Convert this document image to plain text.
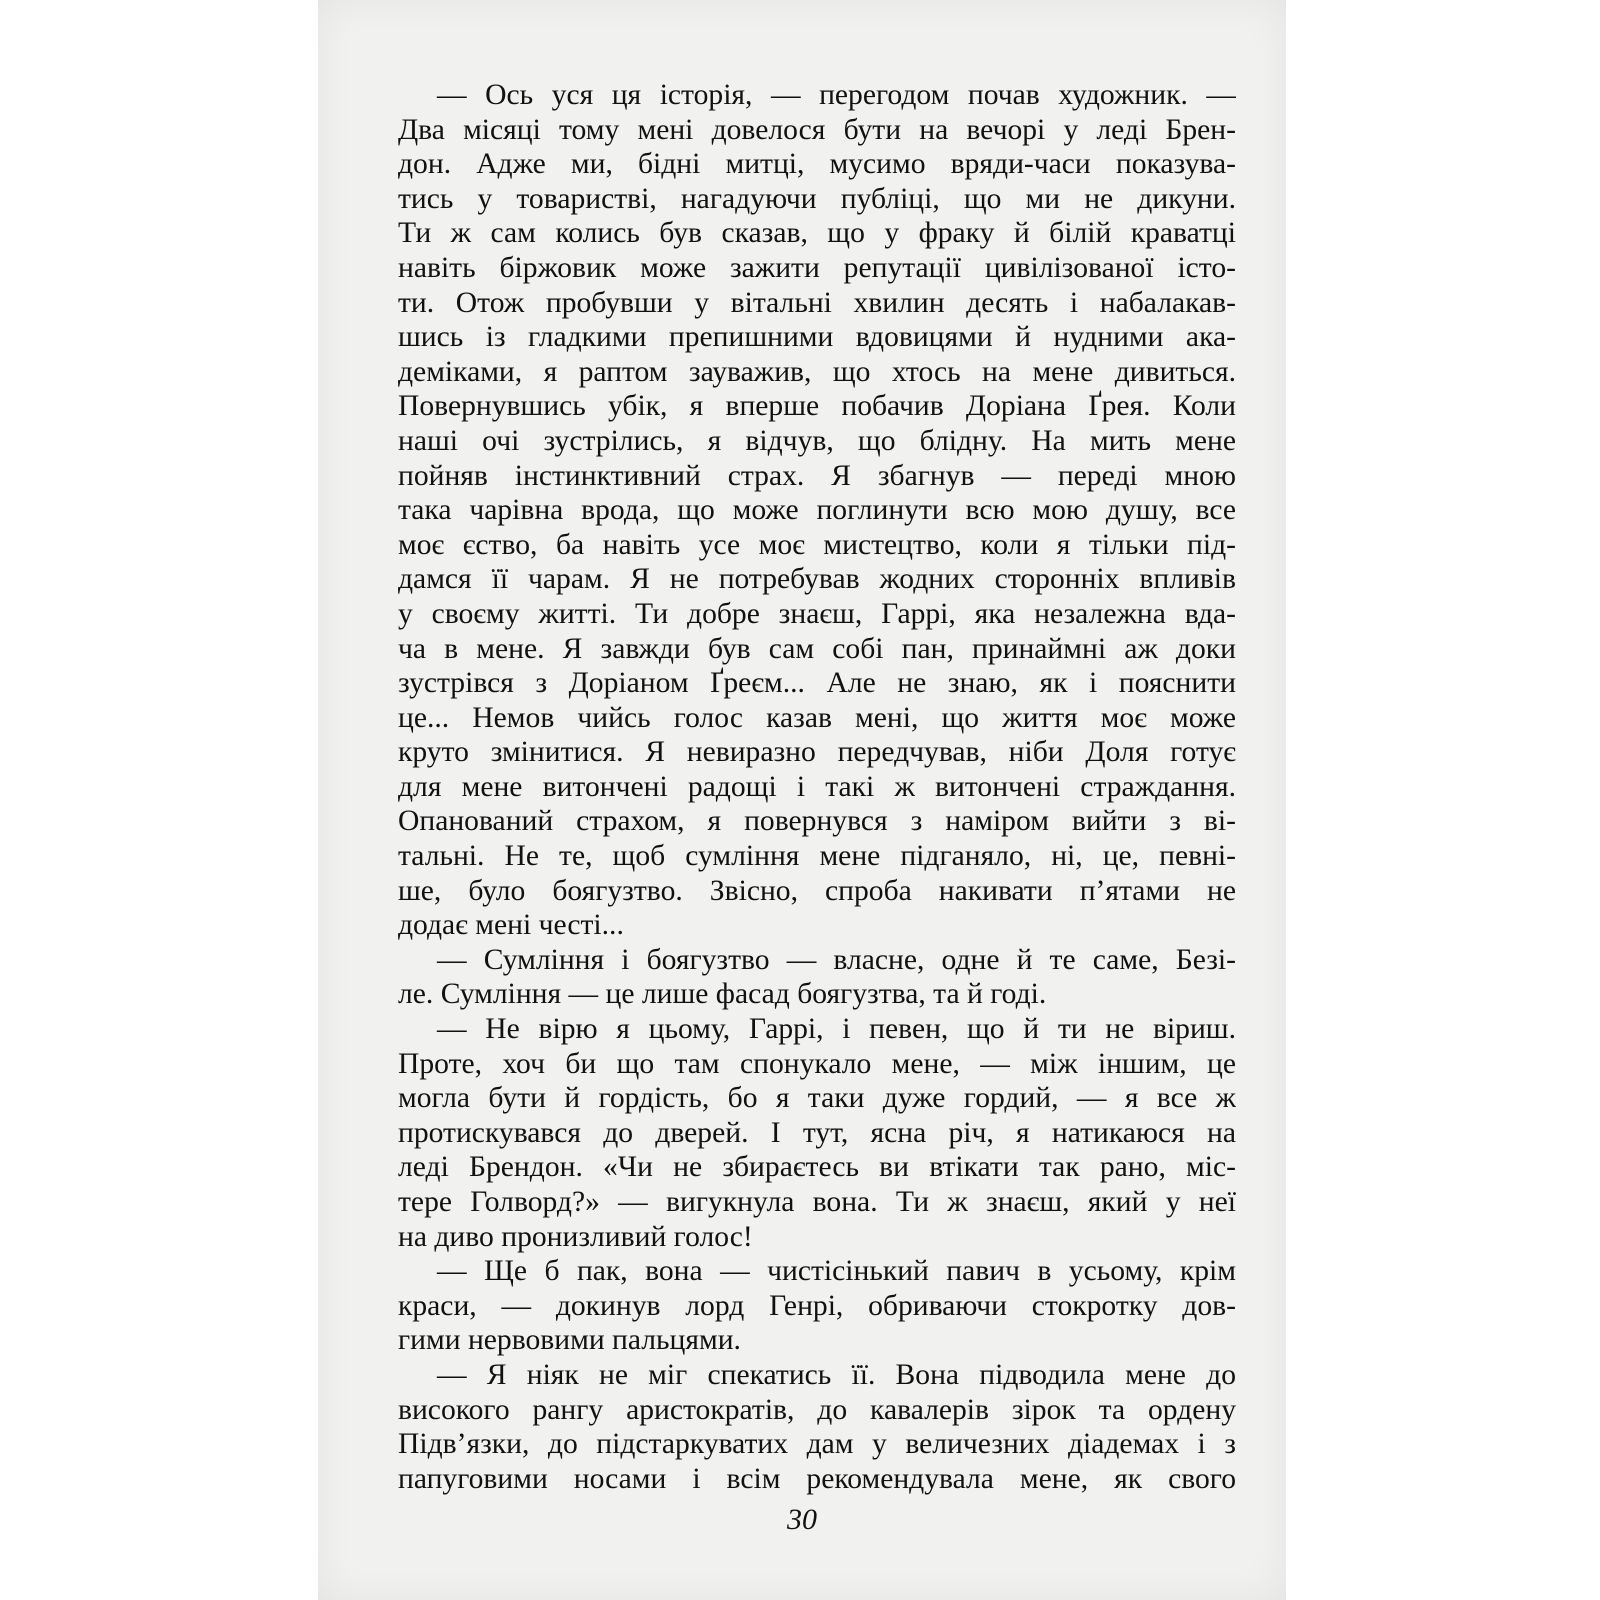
— Ось уся ця історія, — перегодом почав художник. —
Два місяці тому мені довелося бути на вечорі у леді Брен-
дон. Адже ми, бідні митці, мусимо вряди-часи показува-
тись у товаристві, нагадуючи публіці, що ми не дикуни.
Ти ж сам колись був сказав, що у фраку й білій краватці
навіть біржовик може зажити репутації цивілізованої істо-
ти. Отож пробувши у вітальні хвилин десять і набалакав-
шись із гладкими препишними вдовицями й нудними ака-
деміками, я раптом зауважив, що хтось на мене дивиться.
Повернувшись убік, я вперше побачив Доріана Ґрея. Коли
наші очі зустрілись, я відчув, що блідну. На мить мене
пойняв інстинктивний страх. Я збагнув — переді мною
така чарівна врода, що може поглинути всю мою душу, все
моє єство, ба навіть усе моє мистецтво, коли я тільки під-
дамся її чарам. Я не потребував жодних сторонніх впливів
у своєму житті. Ти добре знаєш, Гаррі, яка незалежна вда-
ча в мене. Я завжди був сам собі пан, принаймні аж доки
зустрівся з Доріаном Ґреєм... Але не знаю, як і пояснити
це... Немов чийсь голос казав мені, що життя моє може
круто змінитися. Я невиразно передчував, ніби Доля готує
для мене витончені радощі і такі ж витончені страждання.
Опанований страхом, я повернувся з наміром вийти з ві-
тальні. Не те, щоб сумління мене підганяло, ні, це, певні-
ше, було боягузтво. Звісно, спроба накивати п’ятами не
додає мені честі...
— Сумління і боягузтво — власне, одне й те саме, Безі-
ле. Сумління — це лише фасад боягузтва, та й годі.
— Не вірю я цьому, Гаррі, і певен, що й ти не віриш.
Проте, хоч би що там спонукало мене, — між іншим, це
могла бути й гордість, бо я таки дуже гордий, — я все ж
протискувався до дверей. І тут, ясна річ, я натикаюся на
леді Брендон. «Чи не збираєтесь ви втікати так рано, міс-
тере Голворд?» — вигукнула вона. Ти ж знаєш, який у неї
на диво пронизливий голос!
— Ще б пак, вона — чистісінький павич в усьому, крім
краси, — докинув лорд Генрі, обриваючи стокротку дов-
гими нервовими пальцями.
— Я ніяк не міг спекатись її. Вона підводила мене до
високого рангу аристократів, до кавалерів зірок та ордену
Підв’язки, до підстаркуватих дам у величезних діадемах і з
папуговими носами і всім рекомендувала мене, як свого
30
